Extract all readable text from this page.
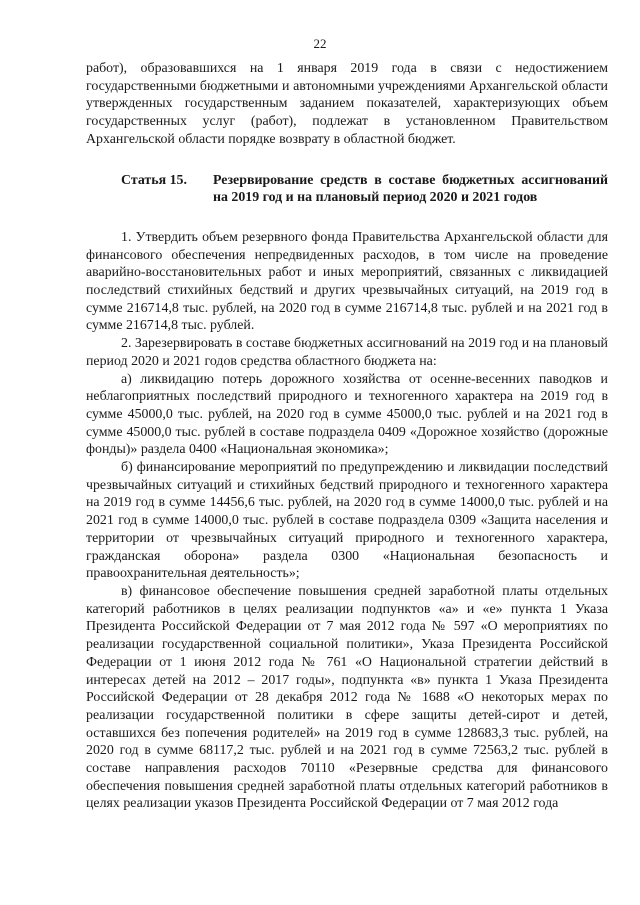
22

работ), образовавшихся на 1 января 2019 года в связи с недостижением государственными бюджетными и автономными учреждениями Архангельской области утвержденных государственным заданием показателей, характеризующих объем государственных услуг (работ), подлежат в установленном Правительством Архангельской области порядке возврату в областной бюджет.

Статья 15.	Резервирование средств в составе бюджетных ассигнований на 2019 год и на плановый период 2020 и 2021 годов

1. Утвердить объем резервного фонда Правительства Архангельской области для финансового обеспечения непредвиденных расходов, в том числе на проведение аварийно-восстановительных работ и иных мероприятий, связанных с ликвидацией последствий стихийных бедствий и других чрезвычайных ситуаций, на 2019 год в сумме 216714,8 тыс. рублей, на 2020 год в сумме 216714,8 тыс. рублей и на 2021 год в сумме 216714,8 тыс. рублей.

2. Зарезервировать в составе бюджетных ассигнований на 2019 год и на плановый период 2020 и 2021 годов средства областного бюджета на:

а) ликвидацию потерь дорожного хозяйства от осенне-весенних паводков и неблагоприятных последствий природного и техногенного характера на 2019 год в сумме 45000,0 тыс. рублей, на 2020 год в сумме 45000,0 тыс. рублей и на 2021 год в сумме 45000,0 тыс. рублей в составе подраздела 0409 «Дорожное хозяйство (дорожные фонды)» раздела 0400 «Национальная экономика»;

б) финансирование мероприятий по предупреждению и ликвидации последствий чрезвычайных ситуаций и стихийных бедствий природного и техногенного характера на 2019 год в сумме 14456,6 тыс. рублей, на 2020 год в сумме 14000,0 тыс. рублей и на 2021 год в сумме 14000,0 тыс. рублей в составе подраздела 0309 «Защита населения и территории от чрезвычайных ситуаций природного и техногенного характера, гражданская оборона» раздела 0300 «Национальная безопасность и правоохранительная деятельность»;

в) финансовое обеспечение повышения средней заработной платы отдельных категорий работников в целях реализации подпунктов «а» и «е» пункта 1 Указа Президента Российской Федерации от 7 мая 2012 года № 597 «О мероприятиях по реализации государственной социальной политики», Указа Президента Российской Федерации от 1 июня 2012 года № 761 «О Национальной стратегии действий в интересах детей на 2012 – 2017 годы», подпункта «в» пункта 1 Указа Президента Российской Федерации от 28 декабря 2012 года № 1688 «О некоторых мерах по реализации государственной политики в сфере защиты детей-сирот и детей, оставшихся без попечения родителей» на 2019 год в сумме 128683,3 тыс. рублей, на 2020 год в сумме 68117,2 тыс. рублей и на 2021 год в сумме 72563,2 тыс. рублей в составе направления расходов 70110 «Резервные средства для финансового обеспечения повышения средней заработной платы отдельных категорий работников в целях реализации указов Президента Российской Федерации от 7 мая 2012 года
